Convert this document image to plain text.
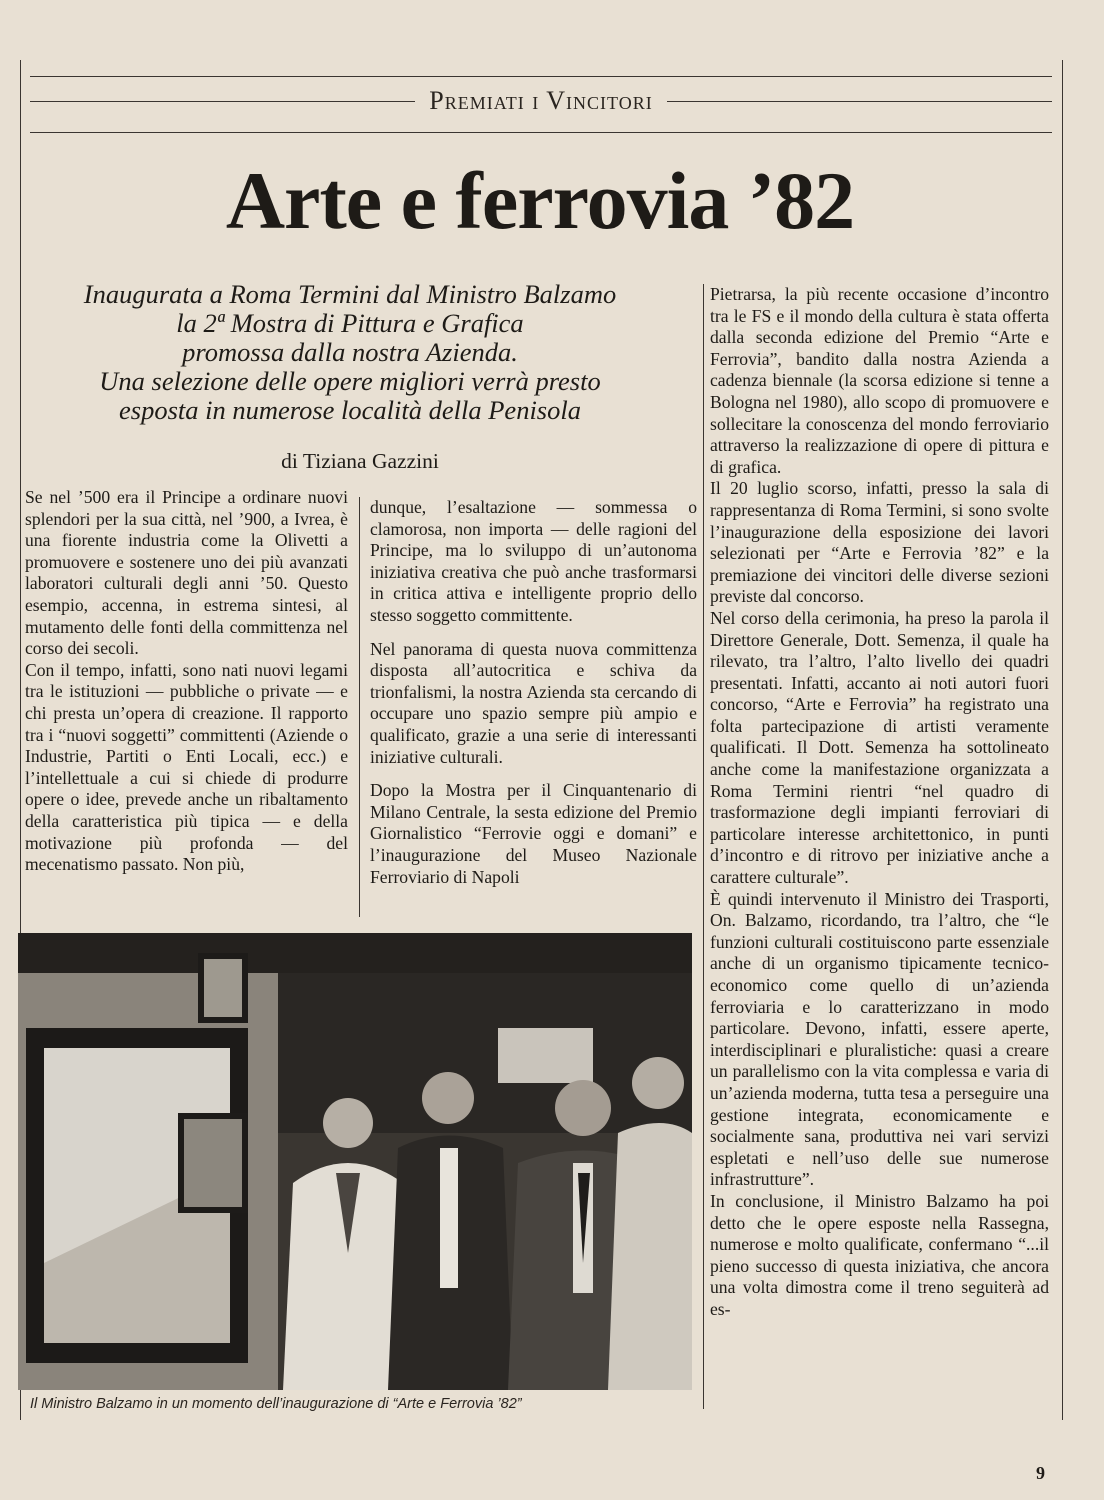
Premiati i Vincitori
Arte e ferrovia ’82
Inaugurata a Roma Termini dal Ministro Balzamo
la 2ª Mostra di Pittura e Grafica
promossa dalla nostra Azienda.
Una selezione delle opere migliori verrà presto
esposta in numerose località della Penisola
di Tiziana Gazzini

Se nel ’500 era il Principe a ordinare nuovi splendori per la sua città, nel ’900, a Ivrea, è una fiorente industria come la Olivetti a promuovere e sostenere uno dei più avanzati laboratori culturali degli anni ’50. Questo esempio, accenna, in estrema sintesi, al mutamento delle fonti della committenza nel corso dei secoli.

Con il tempo, infatti, sono nati nuovi legami tra le istituzioni — pubbliche o private — e chi presta un’opera di creazione. Il rapporto tra i “nuovi soggetti” committenti (Aziende o Industrie, Partiti o Enti Locali, ecc.) e l’intellettuale a cui si chiede di produrre opere o idee, prevede anche un ribaltamento della caratteristica più tipica — e della motivazione più profonda — del mecenatismo passato. Non più,

dunque, l’esaltazione — sommessa o clamorosa, non importa — delle ragioni del Principe, ma lo sviluppo di un’autonoma iniziativa creativa che può anche trasformarsi in critica attiva e intelligente proprio dello stesso soggetto committente.

Nel panorama di questa nuova committenza disposta all’autocritica e schiva da trionfalismi, la nostra Azienda sta cercando di occupare uno spazio sempre più ampio e qualificato, grazie a una serie di interessanti iniziative culturali.

Dopo la Mostra per il Cinquantenario di Milano Centrale, la sesta edizione del Premio Giornalistico “Ferrovie oggi e domani” e l’inaugurazione del Museo Nazionale Ferroviario di Napoli

Pietrarsa, la più recente occasione d’incontro tra le FS e il mondo della cultura è stata offerta dalla seconda edizione del Premio “Arte e Ferrovia”, bandito dalla nostra Azienda a cadenza biennale (la scorsa edizione si tenne a Bologna nel 1980), allo scopo di promuovere e sollecitare la conoscenza del mondo ferroviario attraverso la realizzazione di opere di pittura e di grafica.

Il 20 luglio scorso, infatti, presso la sala di rappresentanza di Roma Termini, si sono svolte l’inaugurazione della esposizione dei lavori selezionati per “Arte e Ferrovia ’82” e la premiazione dei vincitori delle diverse sezioni previste dal concorso.

Nel corso della cerimonia, ha preso la parola il Direttore Generale, Dott. Semenza, il quale ha rilevato, tra l’altro, l’alto livello dei quadri presentati. Infatti, accanto ai noti autori fuori concorso, “Arte e Ferrovia” ha registrato una folta partecipazione di artisti veramente qualificati. Il Dott. Semenza ha sottolineato anche come la manifestazione organizzata a Roma Termini rientri “nel quadro di trasformazione degli impianti ferroviari di particolare interesse architettonico, in punti d’incontro e di ritrovo per iniziative anche a carattere culturale”.

È quindi intervenuto il Ministro dei Trasporti, On. Balzamo, ricordando, tra l’altro, che “le funzioni culturali costituiscono parte essenziale anche di un organismo tipicamente tecnico-economico come quello di un’azienda ferroviaria e lo caratterizzano in modo particolare. Devono, infatti, essere aperte, interdisciplinari e pluralistiche: quasi a creare un parallelismo con la vita complessa e varia di un’azienda moderna, tutta tesa a perseguire una gestione integrata, economicamente e socialmente sana, produttiva nei vari servizi espletati e nell’uso delle sue numerose infrastrutture”.

In conclusione, il Ministro Balzamo ha poi detto che le opere esposte nella Rassegna, numerose e molto qualificate, confermano “...il pieno successo di questa iniziativa, che ancora una volta dimostra come il treno seguiterà ad es-

Il Ministro Balzamo in un momento dell’inaugurazione di “Arte e Ferrovia ’82”
9
